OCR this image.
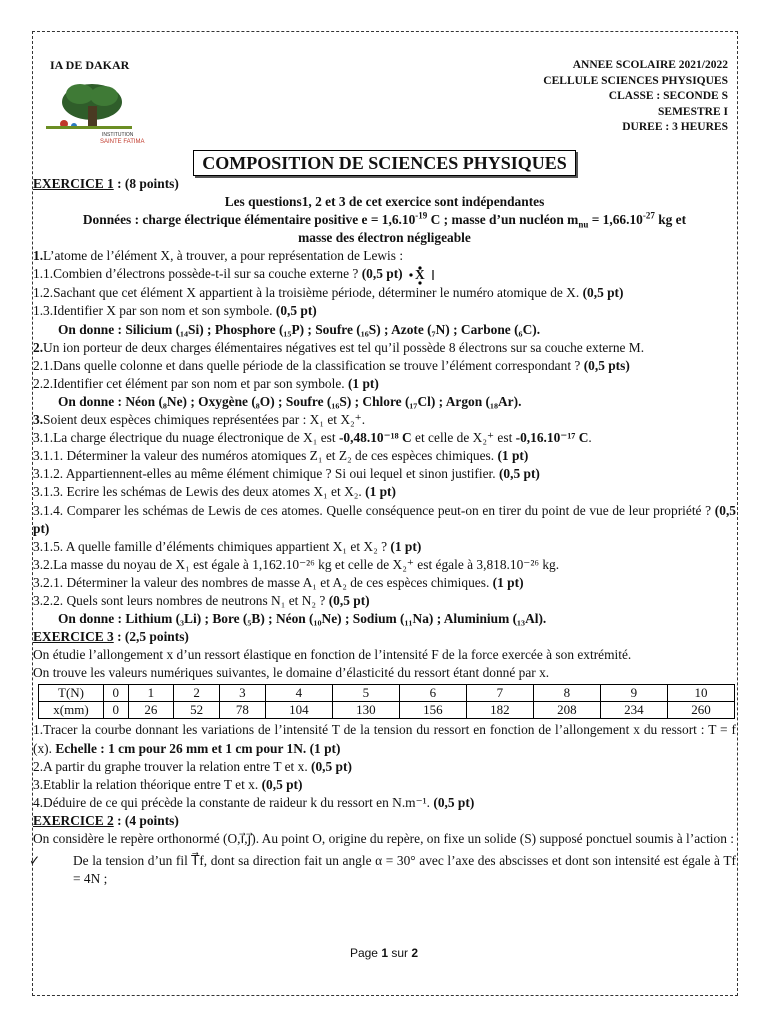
IA DE DAKAR
INSTITUTION
SAINTE FATIMA
ANNEE SCOLAIRE 2021/2022
CELLULE SCIENCES PHYSIQUES
CLASSE : SECONDE S
SEMESTRE I
DUREE : 3 HEURES
COMPOSITION DE SCIENCES PHYSIQUES

EXERCICE 1 : (8 points)

Les questions1, 2 et 3 de cet exercice sont indépendantes

Données : charge électrique élémentaire positive $e = 1,6.10^{-19}$ C ; masse d’un nucléon $m_{nu} = 1,66.10^{-27}$ kg et

masse des électron négligeable

1.L’atome de l’élément X, à trouver, a pour représentation de Lewis :

1.1.Combien d’électrons possède-t-il sur sa couche externe ? (0,5 pt) X

1.2.Sachant que cet élément X appartient à la troisième période, déterminer le numéro atomique de X. (0,5 pt)

1.3.Identifier X par son nom et son symbole. (0,5 pt)

On donne : Silicium (₁₄Si) ; Phosphore (₁₅P) ; Soufre (₁₆S) ; Azote (₇N) ; Carbone (₆C).

2.Un ion porteur de deux charges élémentaires négatives est tel qu’il possède 8 électrons sur sa couche externe M.

2.1.Dans quelle colonne et dans quelle période de la classification se trouve l’élément correspondant ? (0,5 pts)

2.2.Identifier cet élément par son nom et par son symbole. (1 pt)

On donne : Néon (₈Ne) ; Oxygène (₈O) ; Soufre (₁₆S) ; Chlore (₁₇Cl) ; Argon (₁₈Ar).

3.Soient deux espèces chimiques représentées par : X₁ et X₂⁺.

3.1.La charge électrique du nuage électronique de X₁ est -0,48.10⁻¹⁸ C et celle de X₂⁺ est -0,16.10⁻¹⁷ C.

3.1.1. Déterminer la valeur des numéros atomiques Z₁ et Z₂ de ces espèces chimiques. (1 pt)

3.1.2. Appartiennent-elles au même élément chimique ? Si oui lequel et sinon justifier. (0,5 pt)

3.1.3. Ecrire les schémas de Lewis des deux atomes X₁ et X₂. (1 pt)

3.1.4. Comparer les schémas de Lewis de ces atomes. Quelle conséquence peut-on en tirer du point de vue de leur propriété ? (0,5 pt)

3.1.5. A quelle famille d’éléments chimiques appartient X₁ et X₂ ? (1 pt)

3.2.La masse du noyau de X₁ est égale à 1,162.10⁻²⁶ kg et celle de X₂⁺ est égale à 3,818.10⁻²⁶ kg.

3.2.1. Déterminer la valeur des nombres de masse A₁ et A₂ de ces espèces chimiques. (1 pt)

3.2.2. Quels sont leurs nombres de neutrons N₁ et N₂ ? (0,5 pt)

On donne : Lithium (₃Li) ; Bore (₅B) ; Néon (₁₀Ne) ; Sodium (₁₁Na) ; Aluminium (₁₃Al).

EXERCICE 3 : (2,5 points)

On étudie l’allongement x d’un ressort élastique en fonction de l’intensité F de la force exercée à son extrémité.

On trouve les valeurs numériques suivantes, le domaine d’élasticité du ressort étant donné par x.

T(N)	0	1	2	3	4	5	6	7	8	9	10
x(mm)	0	26	52	78	104	130	156	182	208	234	260

1.Tracer la courbe donnant les variations de l’intensité T de la tension du ressort en fonction de l’allongement x du ressort : T = f (x). Echelle : 1 cm pour 26 mm et 1 cm pour 1N. (1 pt)

2.A partir du graphe trouver la relation entre T et x. (0,5 pt)

3.Etablir la relation théorique entre T et x. (0,5 pt)

4.Déduire de ce qui précède la constante de raideur k du ressort en N.m⁻¹. (0,5 pt)

EXERCICE 2 : (4 points)

On considère le repère orthonormé (O,i⃗,j⃗). Au point O, origine du repère, on fixe un solide (S) supposé ponctuel soumis à l’action :

✓ De la tension d’un fil T⃗f, dont sa direction fait un angle α = 30° avec l’axe des abscisses et dont son intensité est égale à Tf = 4N ;

Page 1 sur 2
